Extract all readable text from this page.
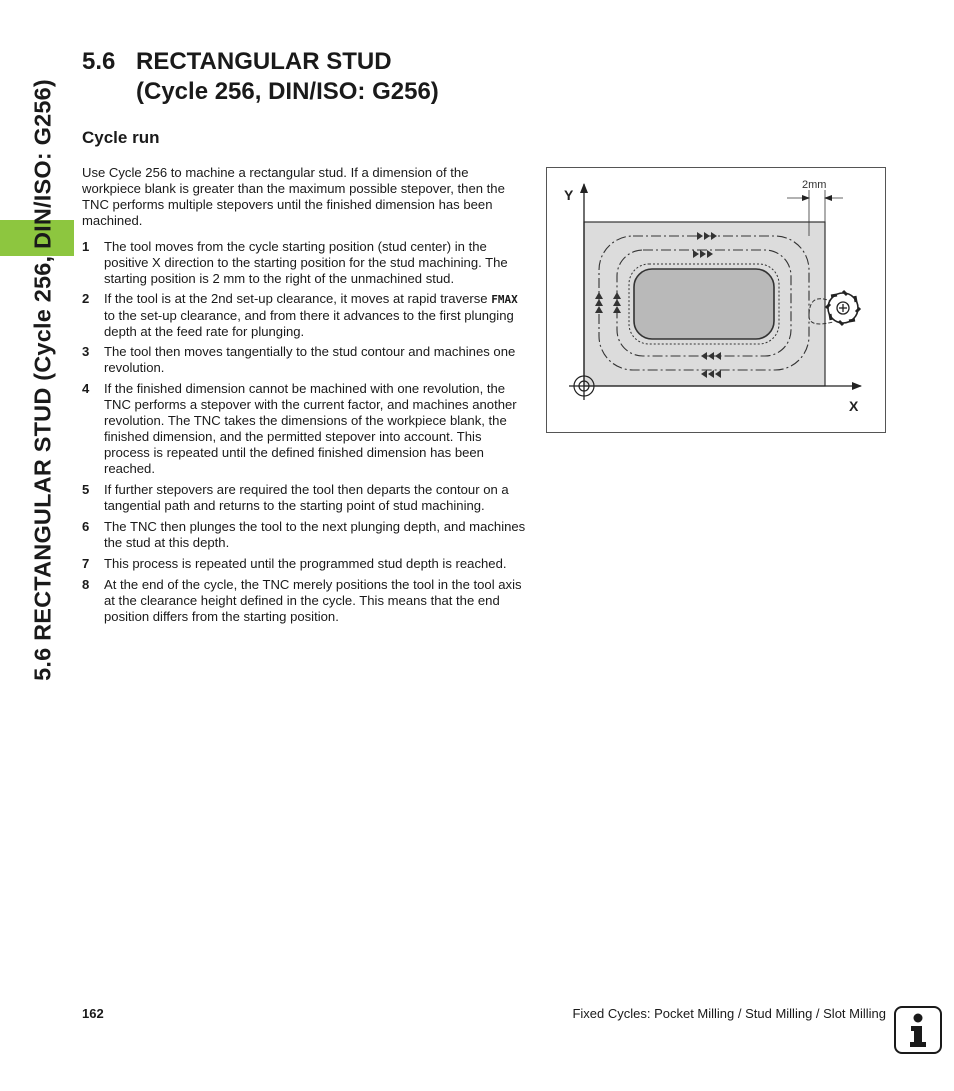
5.6 RECTANGULAR STUD (Cycle 256, DIN/ISO: G256)
5.6 RECTANGULAR STUD
(Cycle 256, DIN/ISO: G256)
Cycle run

Use Cycle 256 to machine a rectangular stud. If a dimension of the workpiece blank is greater than the maximum possible stepover, then the TNC performs multiple stepovers until the finished dimension has been machined.

1 The tool moves from the cycle starting position (stud center) in the positive X direction to the starting position for the stud machining. The starting position is 2 mm to the right of the unmachined stud.
2 If the tool is at the 2nd set-up clearance, it moves at rapid traverse FMAX to the set-up clearance, and from there it advances to the first plunging depth at the feed rate for plunging.
3 The tool then moves tangentially to the stud contour and machines one revolution.
4 If the finished dimension cannot be machined with one revolution, the TNC performs a stepover with the current factor, and machines another revolution. The TNC takes the dimensions of the workpiece blank, the finished dimension, and the permitted stepover into account. This process is repeated until the defined finished dimension has been reached.
5 If further stepovers are required the tool then departs the contour on a tangential path and returns to the starting point of stud machining.
6 The TNC then plunges the tool to the next plunging depth, and machines the stud at this depth.
7 This process is repeated until the programmed stud depth is reached.
8 At the end of the cycle, the TNC merely positions the tool in the tool axis at the clearance height defined in the cycle. This means that the end position differs from the starting position.
Y
X
2mm
162	Fixed Cycles: Pocket Milling / Stud Milling / Slot Milling
